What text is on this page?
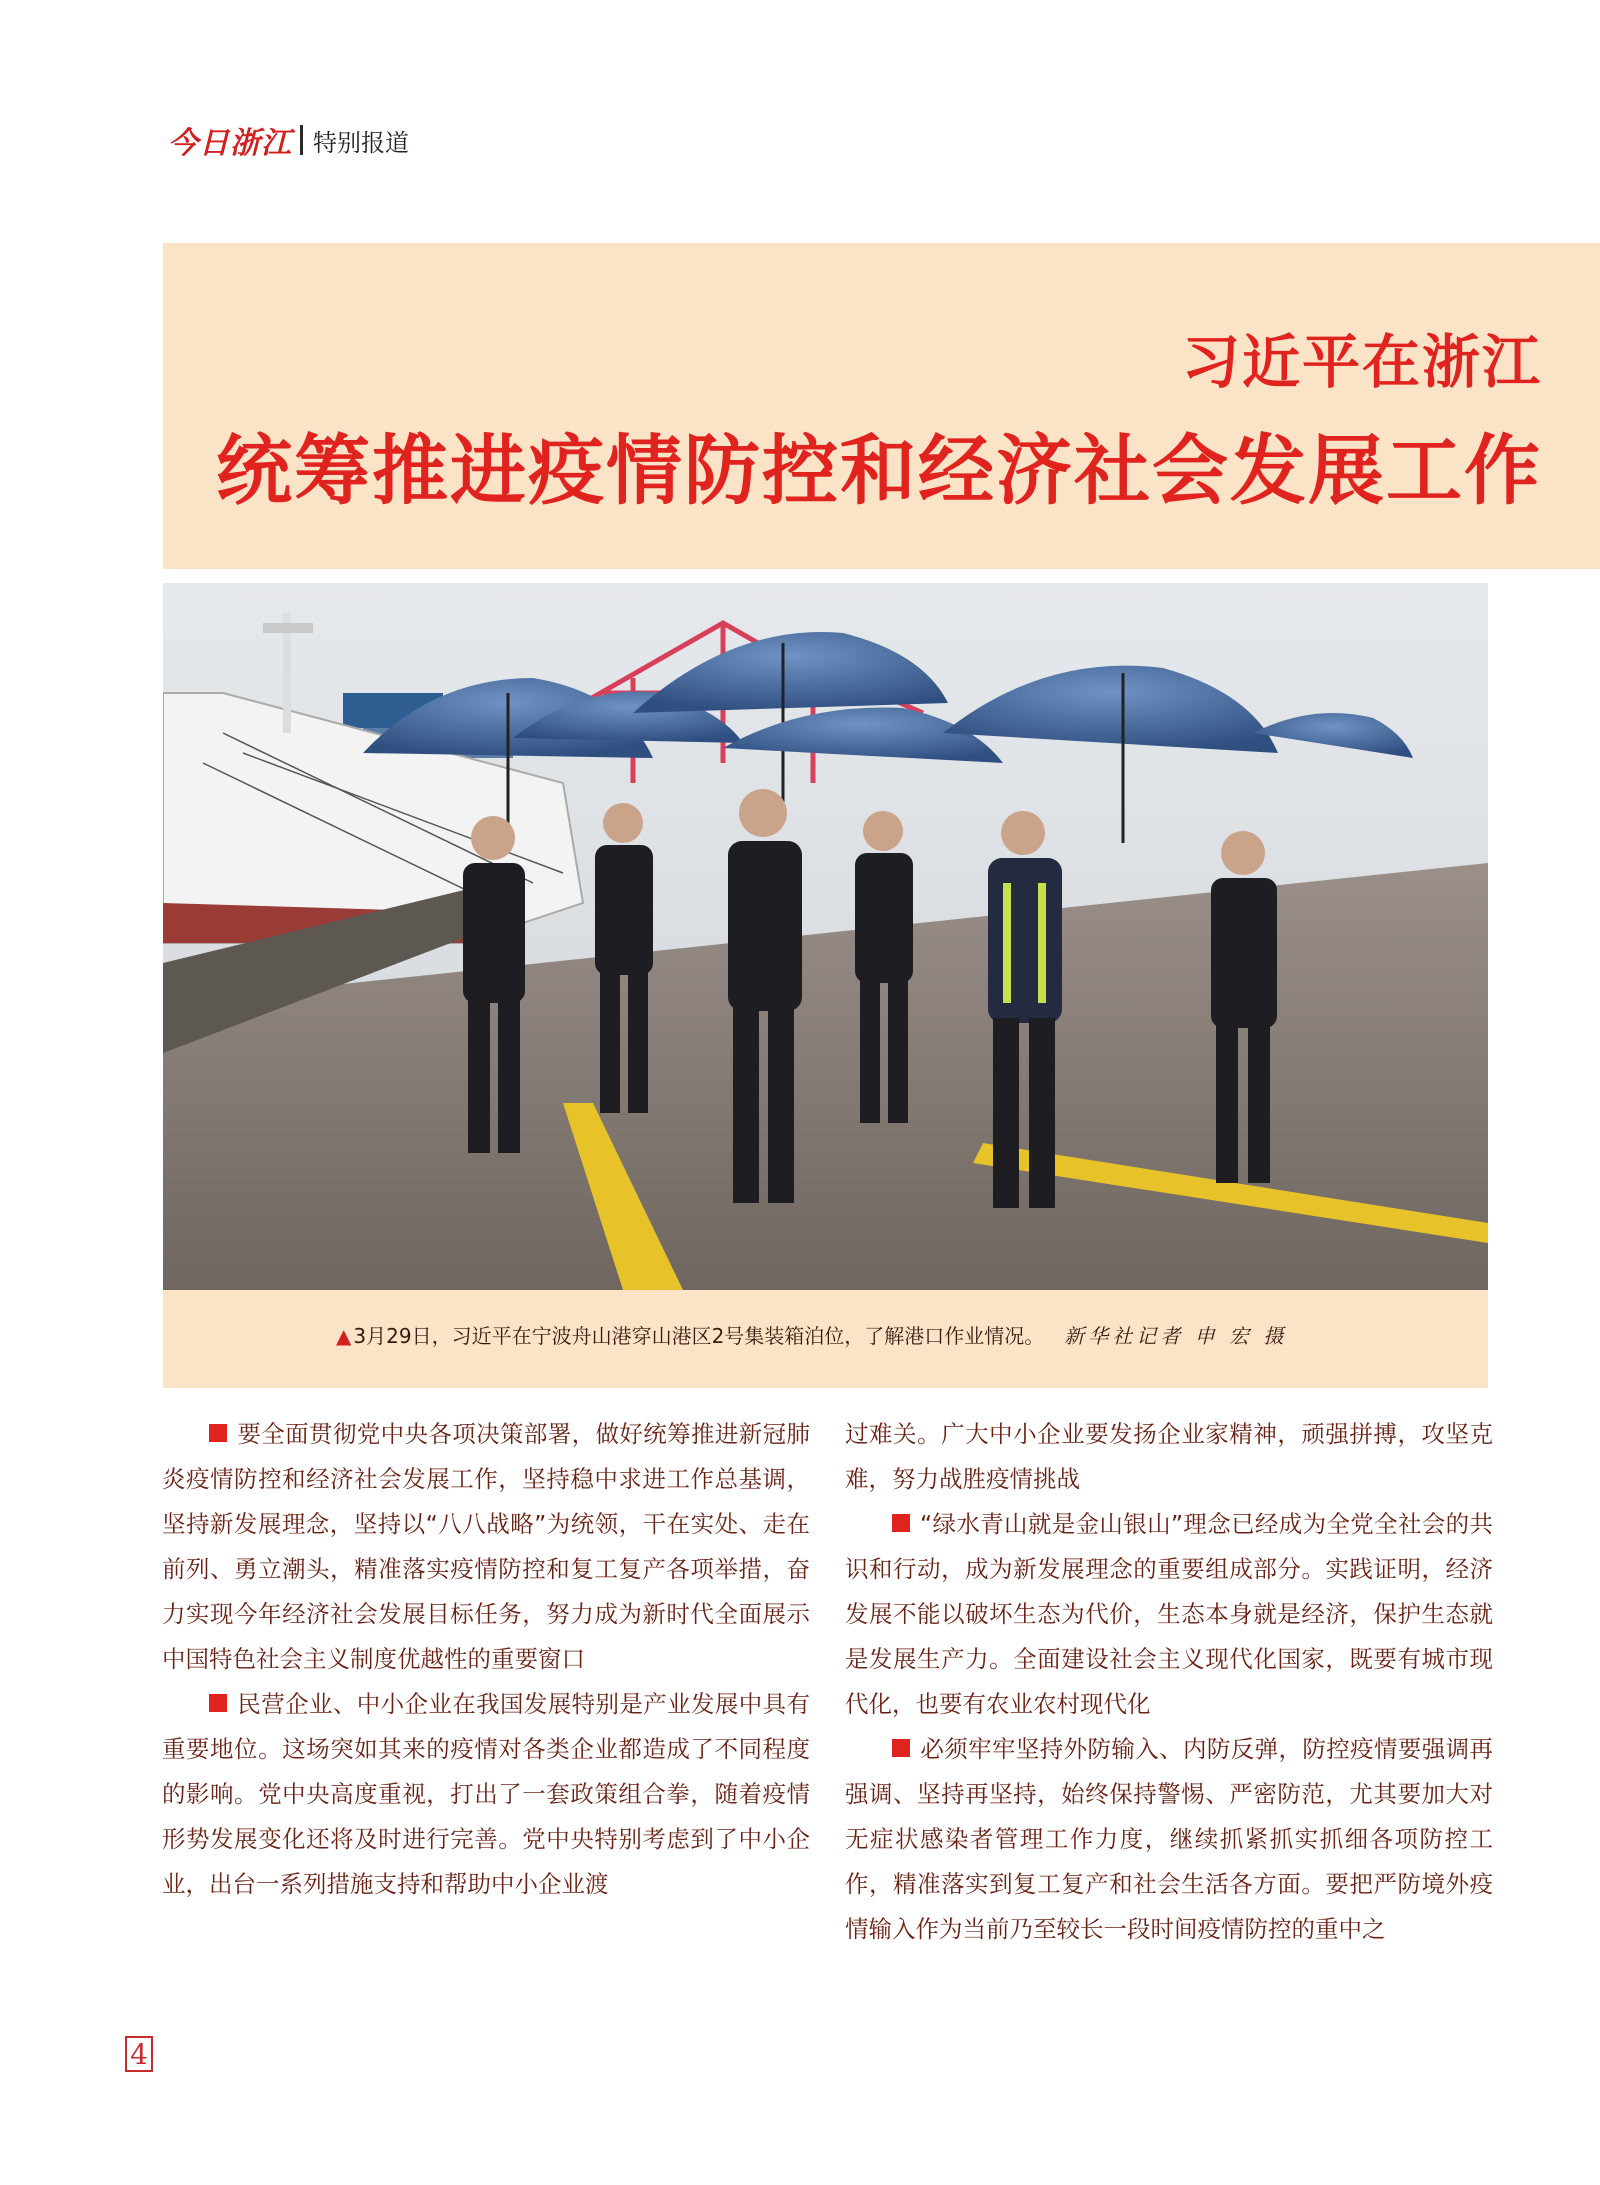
今日浙江 特别报道
习近平在浙江
统筹推进疫情防控和经济社会发展工作
▲ 3月29日，习近平在宁波舟山港穿山港区2号集装箱泊位，了解港口作业情况。 新华社记者 申 宏 摄

要全面贯彻党中央各项决策部署，做好统筹推进新冠肺炎疫情防控和经济社会发展工作，坚持稳中求进工作总基调，坚持新发展理念，坚持以“八八战略”为统领，干在实处、走在前列、勇立潮头，精准落实疫情防控和复工复产各项举措，奋力实现今年经济社会发展目标任务，努力成为新时代全面展示中国特色社会主义制度优越性的重要窗口

民营企业、中小企业在我国发展特别是产业发展中具有重要地位。这场突如其来的疫情对各类企业都造成了不同程度的影响。党中央高度重视，打出了一套政策组合拳，随着疫情形势发展变化还将及时进行完善。党中央特别考虑到了中小企业，出台一系列措施支持和帮助中小企业渡

过难关。广大中小企业要发扬企业家精神，顽强拼搏，攻坚克难，努力战胜疫情挑战

“绿水青山就是金山银山”理念已经成为全党全社会的共识和行动，成为新发展理念的重要组成部分。实践证明，经济发展不能以破坏生态为代价，生态本身就是经济，保护生态就是发展生产力。全面建设社会主义现代化国家，既要有城市现代化，也要有农业农村现代化

必须牢牢坚持外防输入、内防反弹，防控疫情要强调再强调、坚持再坚持，始终保持警惕、严密防范，尤其要加大对无症状感染者管理工作力度，继续抓紧抓实抓细各项防控工作，精准落实到复工复产和社会生活各方面。要把严防境外疫情输入作为当前乃至较长一段时间疫情防控的重中之

4
